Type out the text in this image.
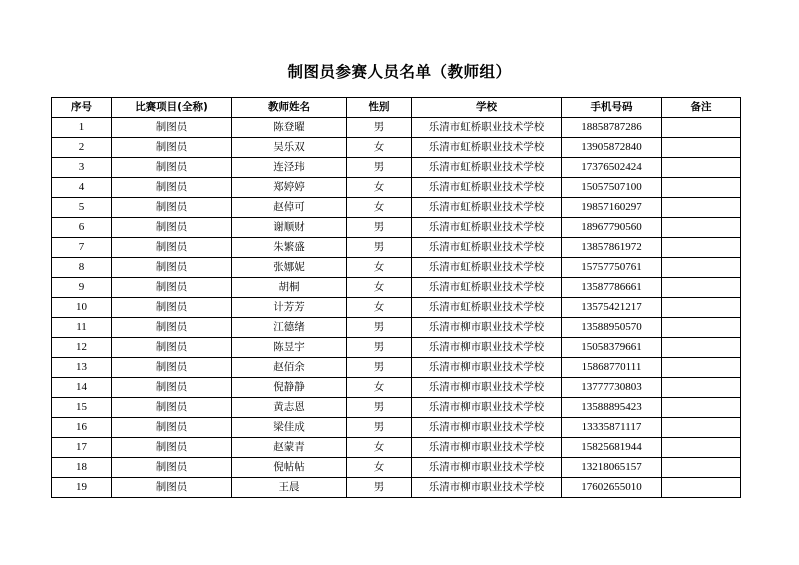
制图员参赛人员名单（教师组）
序号	比赛项目(全称)	教师姓名	性别	学校	手机号码	备注
1	制图员	陈登曜	男	乐清市虹桥职业技术学校	18858787286	
2	制图员	吴乐双	女	乐清市虹桥职业技术学校	13905872840	
3	制图员	连泾玮	男	乐清市虹桥职业技术学校	17376502424	
4	制图员	郑婷婷	女	乐清市虹桥职业技术学校	15057507100	
5	制图员	赵倬可	女	乐清市虹桥职业技术学校	19857160297	
6	制图员	谢顺财	男	乐清市虹桥职业技术学校	18967790560	
7	制图员	朱繁盛	男	乐清市虹桥职业技术学校	13857861972	
8	制图员	张娜妮	女	乐清市虹桥职业技术学校	15757750761	
9	制图员	胡桐	女	乐清市虹桥职业技术学校	13587786661	
10	制图员	计芳芳	女	乐清市虹桥职业技术学校	13575421217	
11	制图员	江德绪	男	乐清市柳市职业技术学校	13588950570	
12	制图员	陈昱宇	男	乐清市柳市职业技术学校	15058379661	
13	制图员	赵佰余	男	乐清市柳市职业技术学校	15868770111	
14	制图员	倪静静	女	乐清市柳市职业技术学校	13777730803	
15	制图员	黄志恩	男	乐清市柳市职业技术学校	13588895423	
16	制图员	梁佳成	男	乐清市柳市职业技术学校	13335871117	
17	制图员	赵蒙青	女	乐清市柳市职业技术学校	15825681944	
18	制图员	倪帖帖	女	乐清市柳市职业技术学校	13218065157	
19	制图员	王晨	男	乐清市柳市职业技术学校	17602655010	
